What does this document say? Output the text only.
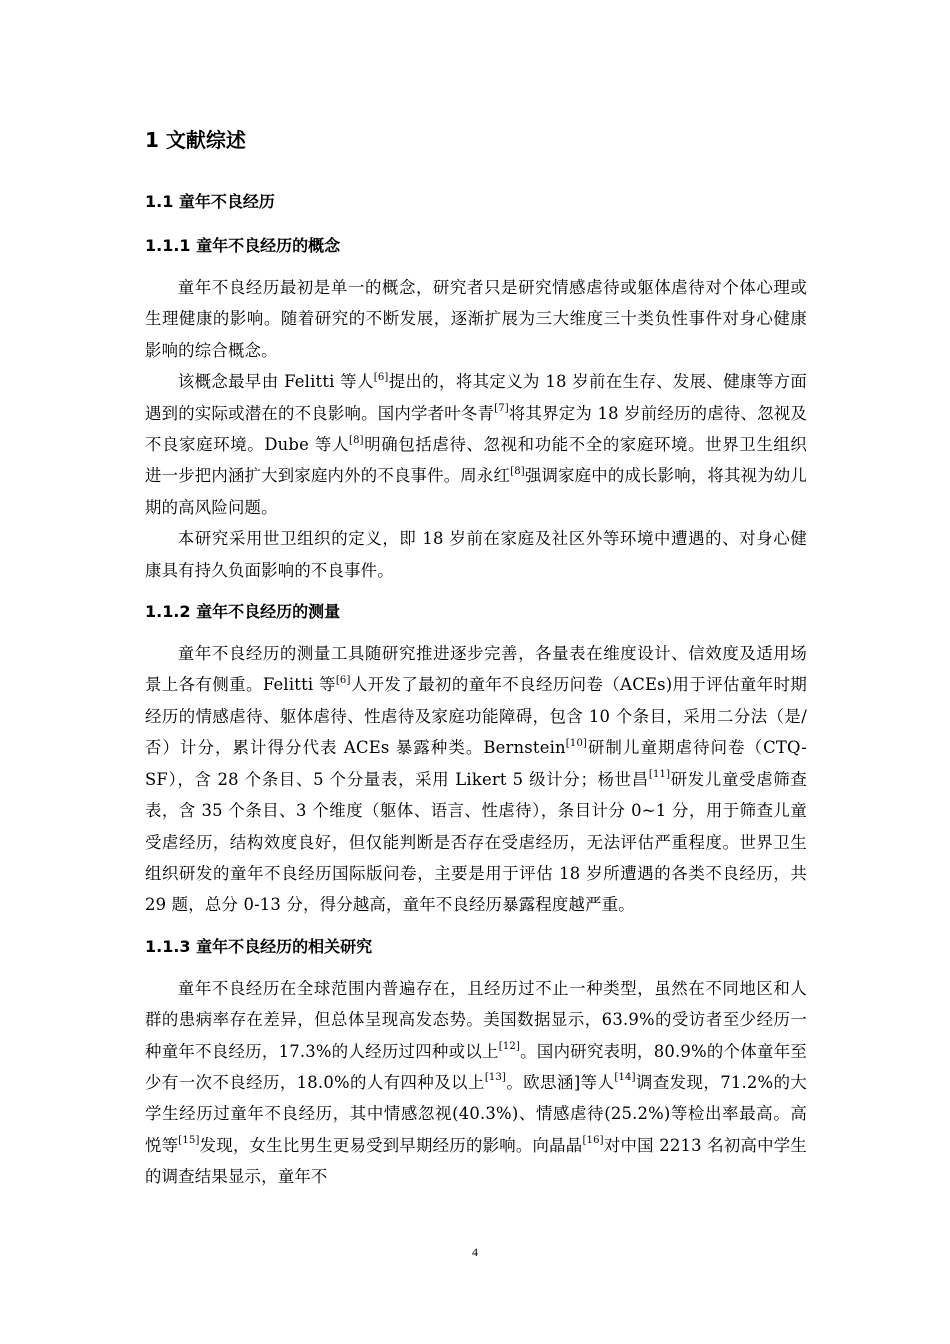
1 文献综述
1.1 童年不良经历
1.1.1 童年不良经历的概念

童年不良经历最初是单一的概念，研究者只是研究情感虐待或躯体虐待对个体心理或生理健康的影响。随着研究的不断发展，逐渐扩展为三大维度三十类负性事件对身心健康影响的综合概念。

该概念最早由 Felitti 等人[6]提出的，将其定义为 18 岁前在生存、发展、健康等方面遇到的实际或潜在的不良影响。国内学者叶冬青[7]将其界定为 18 岁前经历的虐待、忽视及不良家庭环境。Dube 等人[8]明确包括虐待、忽视和功能不全的家庭环境。世界卫生组织进一步把内涵扩大到家庭内外的不良事件。周永红[8]强调家庭中的成长影响，将其视为幼儿期的高风险问题。

本研究采用世卫组织的定义，即 18 岁前在家庭及社区外等环境中遭遇的、对身心健康具有持久负面影响的不良事件。

1.1.2 童年不良经历的测量

童年不良经历的测量工具随研究推进逐步完善，各量表在维度设计、信效度及适用场景上各有侧重。Felitti 等[6]人开发了最初的童年不良经历问卷（ACEs)用于评估童年时期经历的情感虐待、躯体虐待、性虐待及家庭功能障碍，包含 10 个条目，采用二分法（是/否）计分，累计得分代表 ACEs 暴露种类。Bernstein[10]研制儿童期虐待问卷（CTQ-SF），含 28 个条目、5 个分量表，采用 Likert 5 级计分；杨世昌[11]研发儿童受虐筛查表，含 35 个条目、3 个维度（躯体、语言、性虐待），条目计分 0~1 分，用于筛查儿童受虐经历，结构效度良好，但仅能判断是否存在受虐经历，无法评估严重程度。世界卫生组织研发的童年不良经历国际版问卷，主要是用于评估 18 岁所遭遇的各类不良经历，共 29 题，总分 0-13 分，得分越高，童年不良经历暴露程度越严重。

1.1.3 童年不良经历的相关研究

童年不良经历在全球范围内普遍存在，且经历过不止一种类型，虽然在不同地区和人群的患病率存在差异，但总体呈现高发态势。美国数据显示，63.9%的受访者至少经历一种童年不良经历，17.3%的人经历过四种或以上[12]。国内研究表明，80.9%的个体童年至少有一次不良经历，18.0%的人有四种及以上[13]。欧思涵]等人[14]调查发现，71.2%的大学生经历过童年不良经历，其中情感忽视(40.3%)、情感虐待(25.2%)等检出率最高。高悦等[15]发现，女生比男生更易受到早期经历的影响。向晶晶[16]对中国 2213 名初高中学生的调查结果显示，童年不

4
